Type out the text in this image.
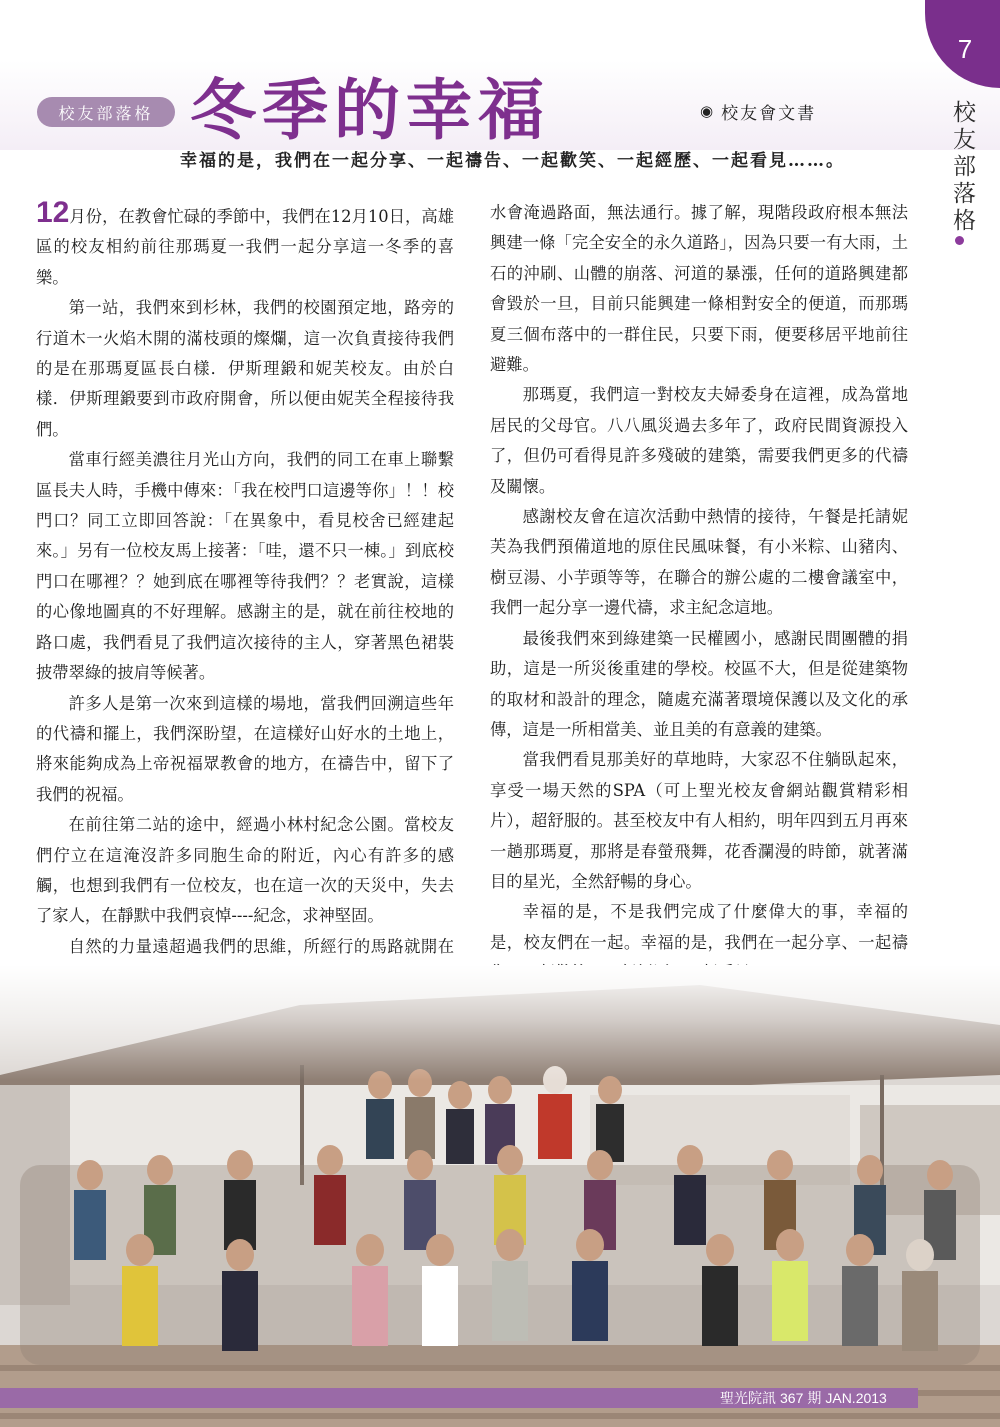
7
校友部落格
校友部落格 冬季的幸福	◉ 校友會文書
幸福的是，我們在一起分享、一起禱告、一起歡笑、一起經歷、一起看見……。

12月份，在教會忙碌的季節中，我們在12月10日，高雄區的校友相約前往那瑪夏一我們一起分享這一冬季的喜樂。

第一站，我們來到杉林，我們的校園預定地，路旁的行道木一火焰木開的滿枝頭的燦爛，這一次負責接待我們的是在那瑪夏區長白樣．伊斯理鍛和妮芙校友。由於白樣．伊斯理鍛要到市政府開會，所以便由妮芙全程接待我們。

當車行經美濃往月光山方向，我們的同工在車上聯繫區長夫人時，手機中傳來：「我在校門口這邊等你」！！校門口？同工立即回答說：「在異象中，看見校舍已經建起來。」另有一位校友馬上接著：「哇，還不只一棟。」到底校門口在哪裡？？她到底在哪裡等待我們？？老實說，這樣的心像地圖真的不好理解。感謝主的是，就在前往校地的路口處，我們看見了我們這次接待的主人，穿著黑色裙裝披帶翠綠的披肩等候著。

許多人是第一次來到這樣的場地，當我們回溯這些年的代禱和擺上，我們深盼望，在這樣好山好水的土地上，將來能夠成為上帝祝福眾教會的地方，在禱告中，留下了我們的祝福。

在前往第二站的途中，經過小林村紀念公園。當校友們佇立在這淹沒許多同胞生命的附近，內心有許多的感觸，也想到我們有一位校友，也在這一次的天災中，失去了家人，在靜默中我們哀悼----紀念，求神堅固。

自然的力量遠超過我們的思維，所經行的馬路就開在

水會淹過路面，無法通行。據了解，現階段政府根本無法興建一條「完全安全的永久道路」，因為只要一有大雨，土石的沖刷、山體的崩落、河道的暴漲，任何的道路興建都會毀於一旦，目前只能興建一條相對安全的便道，而那瑪夏三個布落中的一群住民，只要下雨，便要移居平地前往避難。

那瑪夏，我們這一對校友夫婦委身在這裡，成為當地居民的父母官。八八風災過去多年了，政府民間資源投入了，但仍可看得見許多殘破的建築，需要我們更多的代禱及關懷。

感謝校友會在這次活動中熱情的接待，午餐是托請妮芙為我們預備道地的原住民風味餐，有小米粽、山豬肉、樹豆湯、小芋頭等等，在聯合的辦公處的二樓會議室中，我們一起分享一邊代禱，求主紀念這地。

最後我們來到綠建築一民權國小，感謝民間團體的捐助，這是一所災後重建的學校。校區不大，但是從建築物的取材和設計的理念，隨處充滿著環境保護以及文化的承傳，這是一所相當美、並且美的有意義的建築。

當我們看見那美好的草地時，大家忍不住躺臥起來，享受一場天然的SPA（可上聖光校友會網站觀賞精彩相片），超舒服的。甚至校友中有人相約，明年四到五月再來一趟那瑪夏，那將是春螢飛舞，花香瀾漫的時節，就著滿目的星光，全然舒暢的身心。

幸福的是，不是我們完成了什麼偉大的事，幸福的是，校友們在一起。幸福的是，我們在一起分享、一起禱

聖光院訊 367 期 JAN.2013
